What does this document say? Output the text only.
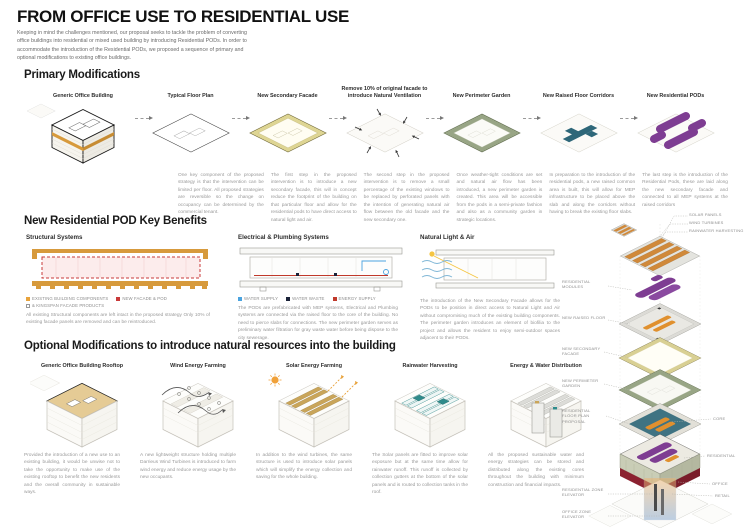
FROM OFFICE USE TO RESIDENTIAL USE
Keeping in mind the challenges mentioned, our proposal seeks to tackle the problem of converting office buildings into residential or mixed used building by introducing Residential PODs. In order to accommodate the introduction of the Residential PODs, we proposed a sequence of primary and optional modifications to existing office buildings.
Primary Modifications
Generic Office Building	Typical Floor Plan	New Secondary Facade
Remove 10% of original facade to introduce Natural Ventilation	New Perimeter Garden	New Raised Floor Corridors	New Residential PODs
One key component of the proposed strategy is that the intervention can be limited per floor. All proposed strategies are reversible so the change on occupancy can be determined by the commercial tenant.
The first step in the proposed intervention is to introduce a new secondary facade, this will in concept reduce the footprint of the building on that particular floor and allow for the residential pods to have direct access to natural light and air.
The second step in the proposed intervention is to remove a small percentage of the existing windows to be replaced by perforated panels with the intention of generating natural air flow between the old facade and the new secondary one.
Once weather-tight conditions are set and natural air flow has been introduced, a new perimeter garden is created. This area will be accessible from the pods in a semi-private fashion and also as a community garden in strategic locations.
In preparation to the introduction of the residential pods, a new raised common area is built, this will allow for MEP infrastructure to be placed above the slab and along the corridors without having to break the existing floor slabs.
The last step is the introduction of the Residential Pods, these are laid along the new secondary facade and connected to all MEP systems at the raised corridors
New Residential POD Key Benefits
Structural Systems
EXISTING BUILDING COMPONENTS	NEW FACADE & POD
& KINGSPAN FACADE PRODUCTS
All existing Structural components are left intact in the proposed strategy Only 10% of existing facade panels are removed and can be reintroduced.
Electrical & Plumbing Systems
WATER SUPPLY	WATER WASTE	ENERGY SUPPLY
The PODs are prefabricated with MEP systems, Electrical and Plumbing systems are connected via the raised floor to the core of the building. No need to pierce slabs for connections. The new perimeter garden serves as preliminary water filtration for gray waste water before being dispose to the city sewerage.
Natural Light & Air
The introduction of the New Secondary Facade allows for the PODs to be position in direct access to Natural Light and Air without compromising much of the existing building components. The perimeter garden introduces an element of biofilia to the project and allows the resident to enjoy semi-outdoor spaces adjacent to their PODs.
Optional Modifications to introduce natural resources into the building
Generic Office Building Rooftop	Wind Energy Farming	Solar Energy Farming	Rainwater Harvesting	Energy & Water Distribution
Provided the introduction of a new use to an existing building, it would be unwise not to take the opportunity to make use of the existing rooftop to benefit the new residents and the overall community in sustainable ways.
A new lightweight structure holding multiple Darrieus Wind Turbines is introduced to farm wind energy and reduce energy usage by the new occupants.
In addition to the wind turbines, the same structure is used to introduce solar panels which will simplify the energy collection and saving for the whole building.
The Solar panels are fitted to improve solar exposure but at the same time allow for rainwater runoff. This runoff is collected by collection gutters at the bottom of the solar panels and is routed to collection tanks in the roof.
All the proposed sustainable water and energy strategies can be stored and distributed along the existing cores throughout the building with minimum construction and financial impacts.
SOLAR PANELS
WIND TURBINES
RAINWATER HARVESTING
RESIDENTIAL MODULES
NEW RAISED FLOOR
NEW SECONDARY FACADE
NEW PERIMETER GARDEN
RESIDENTIAL FLOOR PLAN PROPOSAL
CORE
RESIDENTIAL
OFFICE
RETAIL
RESIDENTIAL ZONE ELEVATOR
OFFICE ZONE ELEVATOR
